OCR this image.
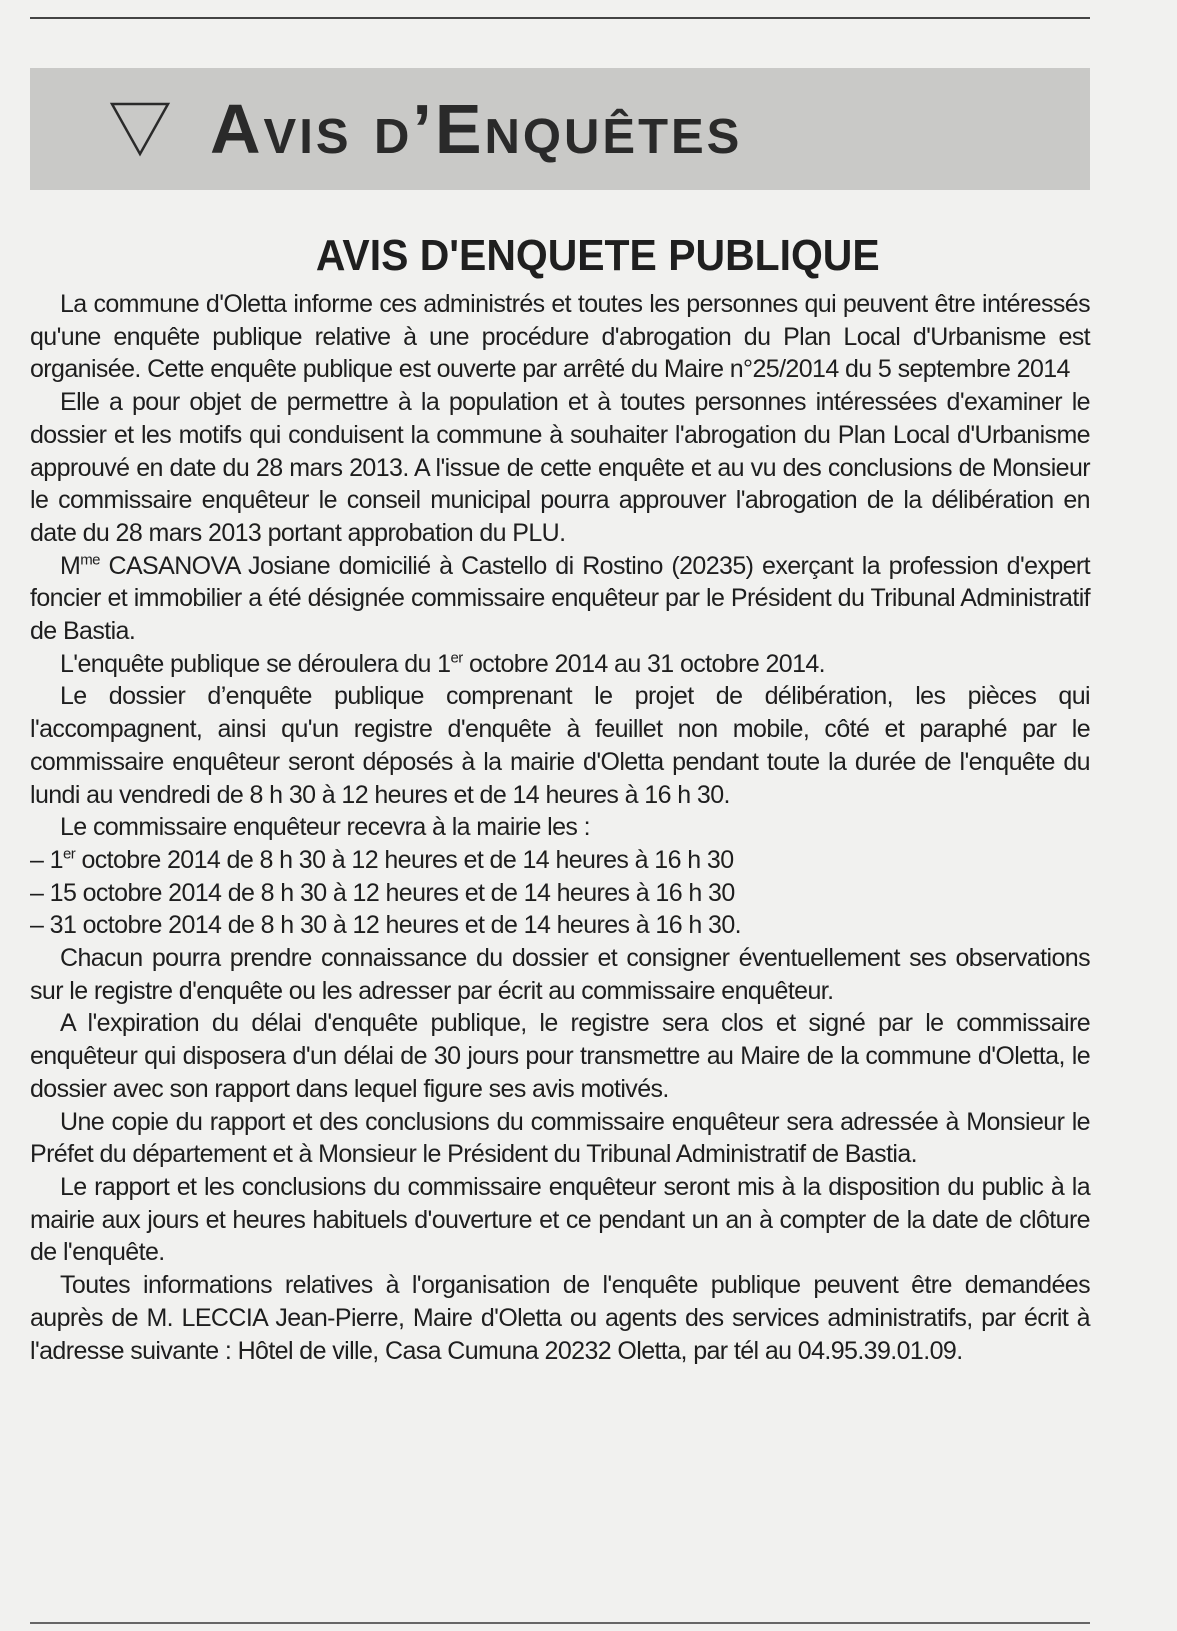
Avis d’Enquêtes
AVIS D'ENQUETE PUBLIQUE

La commune d'Oletta informe ces administrés et toutes les personnes qui peuvent être intéressés qu'une enquête publique relative à une procédure d'abrogation du Plan Local d'Urbanisme est organisée. Cette enquête publique est ouverte par arrêté du Maire n°25/2014 du 5 septembre 2014

Elle a pour objet de permettre à la population et à toutes personnes intéressées d'examiner le dossier et les motifs qui conduisent la commune à souhaiter l'abrogation du Plan Local d'Urbanisme approuvé en date du 28 mars 2013. A l'issue de cette enquête et au vu des conclusions de Monsieur le commissaire enquêteur le conseil municipal pourra approuver l'abrogation de la délibération en date du 28 mars 2013 portant approbation du PLU.

$M^{me}$ CASANOVA Josiane domicilié à Castello di Rostino (20235) exerçant la profession d'expert foncier et immobilier a été désignée commissaire enquêteur par le Président du Tribunal Administratif de Bastia.

L'enquête publique se déroulera du 1er octobre 2014 au 31 octobre 2014.

Le dossier d’enquête publique comprenant le projet de délibération, les pièces qui l'accompagnent, ainsi qu'un registre d'enquête à feuillet non mobile, côté et paraphé par le commissaire enquêteur seront déposés à la mairie d'Oletta pendant toute la durée de l'enquête du lundi au vendredi de 8 h 30 à 12 heures et de 14 heures à 16 h 30.

Le commissaire enquêteur recevra à la mairie les :

– 1er octobre 2014 de 8 h 30 à 12 heures et de 14 heures à 16 h 30

– 15 octobre 2014 de 8 h 30 à 12 heures et de 14 heures à 16 h 30

– 31 octobre 2014 de 8 h 30 à 12 heures et de 14 heures à 16 h 30.

Chacun pourra prendre connaissance du dossier et consigner éventuellement ses observations sur le registre d'enquête ou les adresser par écrit au commissaire enquêteur.

A l'expiration du délai d'enquête publique, le registre sera clos et signé par le commissaire enquêteur qui disposera d'un délai de 30 jours pour transmettre au Maire de la commune d'Oletta, le dossier avec son rapport dans lequel figure ses avis motivés.

Une copie du rapport et des conclusions du commissaire enquêteur sera adressée à Monsieur le Préfet du département et à Monsieur le Président du Tribunal Administratif de Bastia.

Le rapport et les conclusions du commissaire enquêteur seront mis à la disposition du public à la mairie aux jours et heures habituels d'ouverture et ce pendant un an à compter de la date de clôture de l'enquête.

Toutes informations relatives à l'organisation de l'enquête publique peuvent être demandées auprès de M. LECCIA Jean-Pierre, Maire d'Oletta ou agents des services administratifs, par écrit à l'adresse suivante : Hôtel de ville, Casa Cumuna 20232 Oletta, par tél au 04.95.39.01.09.
